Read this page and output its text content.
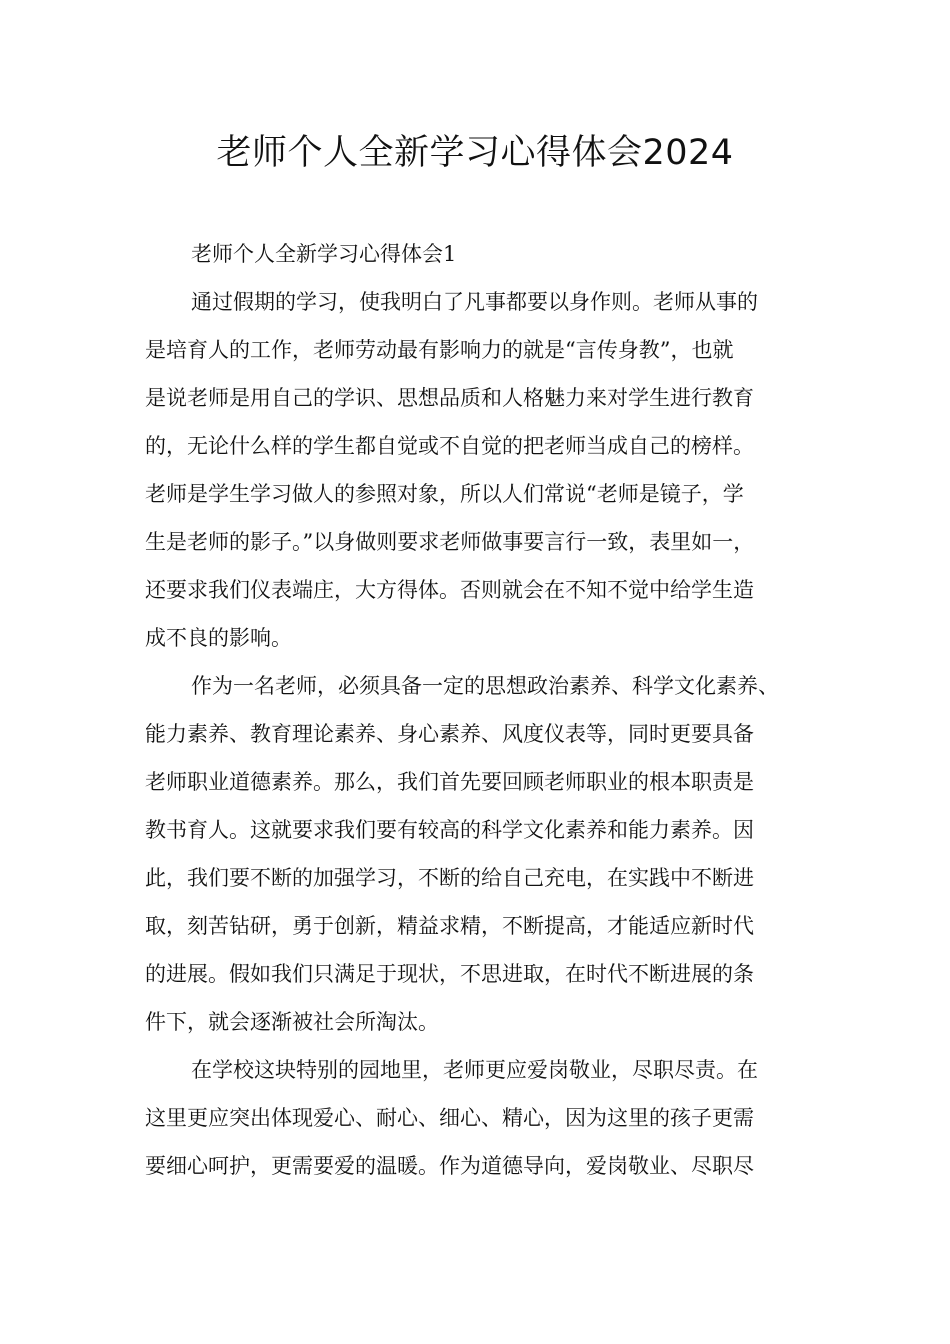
老师个人全新学习心得体会2024

老师个人全新学习心得体会1

通过假期的学习，使我明白了凡事都要以身作则。老师从事的
是培育人的工作，老师劳动最有影响力的就是“言传身教”，也就
是说老师是用自己的学识、思想品质和人格魅力来对学生进行教育
的，无论什么样的学生都自觉或不自觉的把老师当成自己的榜样。
老师是学生学习做人的参照对象，所以人们常说“老师是镜子，学
生是老师的影子。”以身做则要求老师做事要言行一致，表里如一，
还要求我们仪表端庄，大方得体。否则就会在不知不觉中给学生造
成不良的影响。

作为一名老师，必须具备一定的思想政治素养、科学文化素养、
能力素养、教育理论素养、身心素养、风度仪表等，同时更要具备
老师职业道德素养。那么，我们首先要回顾老师职业的根本职责是
教书育人。这就要求我们要有较高的科学文化素养和能力素养。因
此，我们要不断的加强学习，不断的给自己充电，在实践中不断进
取，刻苦钻研，勇于创新，精益求精，不断提高，才能适应新时代
的进展。假如我们只满足于现状，不思进取，在时代不断进展的条
件下，就会逐渐被社会所淘汰。

在学校这块特别的园地里，老师更应爱岗敬业，尽职尽责。在
这里更应突出体现爱心、耐心、细心、精心，因为这里的孩子更需
要细心呵护，更需要爱的温暖。作为道德导向，爱岗敬业、尽职尽
